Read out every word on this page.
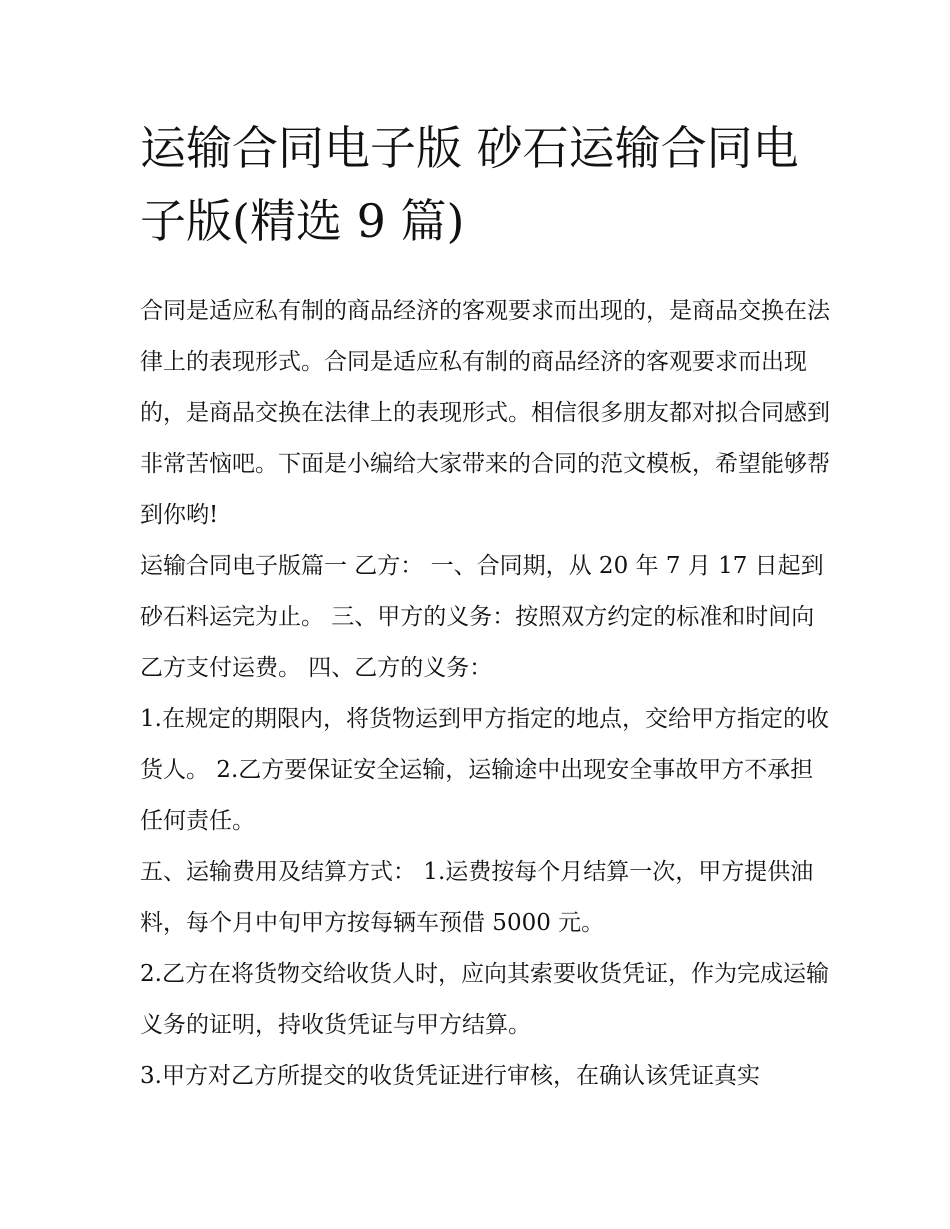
运输合同电子版 砂石运输合同电子版(精选 9 篇)

合同是适应私有制的商品经济的客观要求而出现的，是商品交换在法律上的表现形式。合同是适应私有制的商品经济的客观要求而出现的，是商品交换在法律上的表现形式。相信很多朋友都对拟合同感到非常苦恼吧。下面是小编给大家带来的合同的范文模板，希望能够帮到你哟!

运输合同电子版篇一 乙方： 一、合同期，从 20 年 7 月 17 日起到砂石料运完为止。 三、甲方的义务：按照双方约定的标准和时间向乙方支付运费。 四、乙方的义务：

1.在规定的期限内，将货物运到甲方指定的地点，交给甲方指定的收货人。 2.乙方要保证安全运输，运输途中出现安全事故甲方不承担任何责任。

五、运输费用及结算方式： 1.运费按每个月结算一次，甲方提供油料，每个月中旬甲方按每辆车预借 5000 元。

2.乙方在将货物交给收货人时，应向其索要收货凭证，作为完成运输义务的证明，持收货凭证与甲方结算。

3.甲方对乙方所提交的收货凭证进行审核，在确认该凭证真实
